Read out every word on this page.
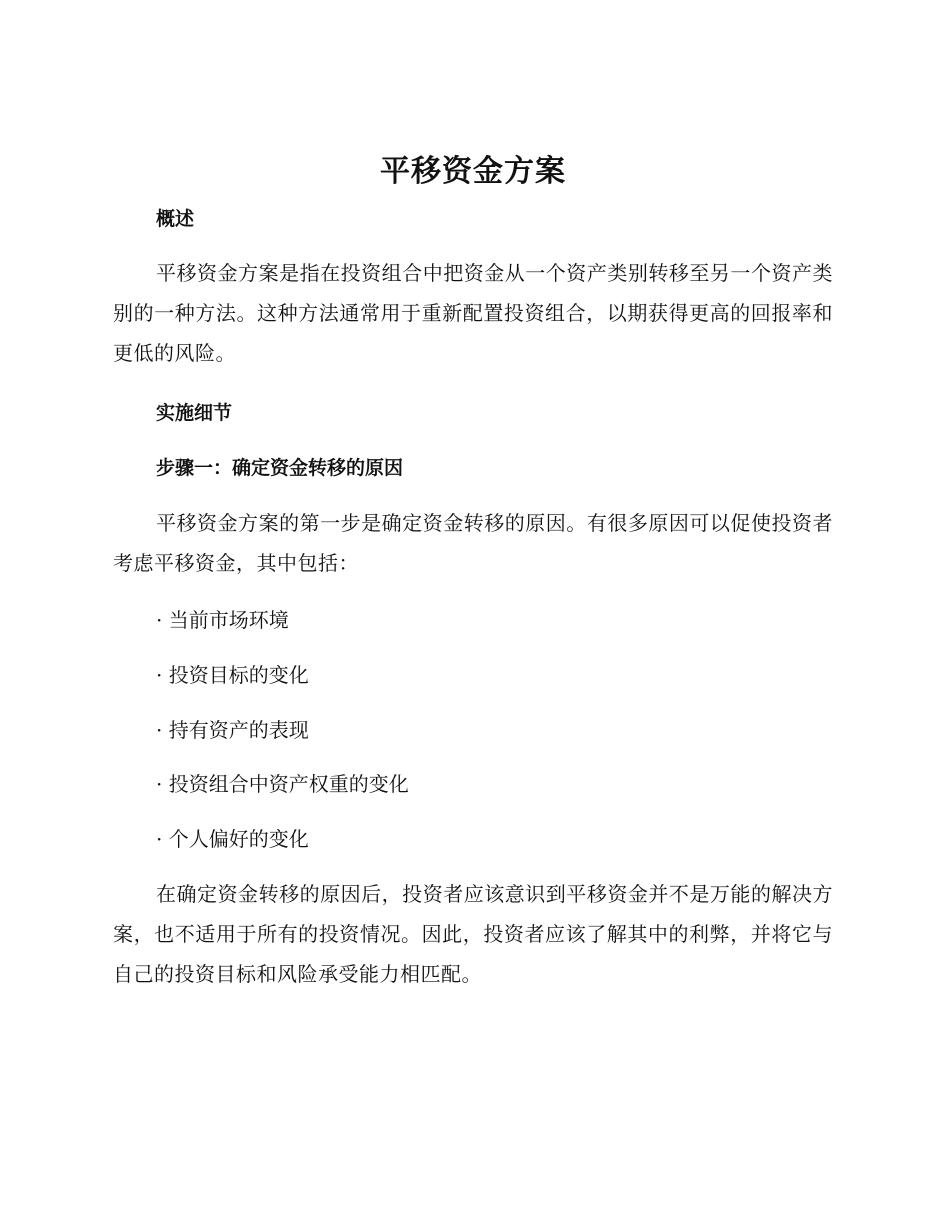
平移资金方案
概述

平移资金方案是指在投资组合中把资金从一个资产类别转移至另一个资产类别的一种方法。这种方法通常用于重新配置投资组合，以期获得更高的回报率和更低的风险。

实施细节
步骤一：确定资金转移的原因

平移资金方案的第一步是确定资金转移的原因。有很多原因可以促使投资者考虑平移资金，其中包括：

· 当前市场环境
· 投资目标的变化
· 持有资产的表现
· 投资组合中资产权重的变化
· 个人偏好的变化

在确定资金转移的原因后，投资者应该意识到平移资金并不是万能的解决方案，也不适用于所有的投资情况。因此，投资者应该了解其中的利弊，并将它与自己的投资目标和风险承受能力相匹配。
